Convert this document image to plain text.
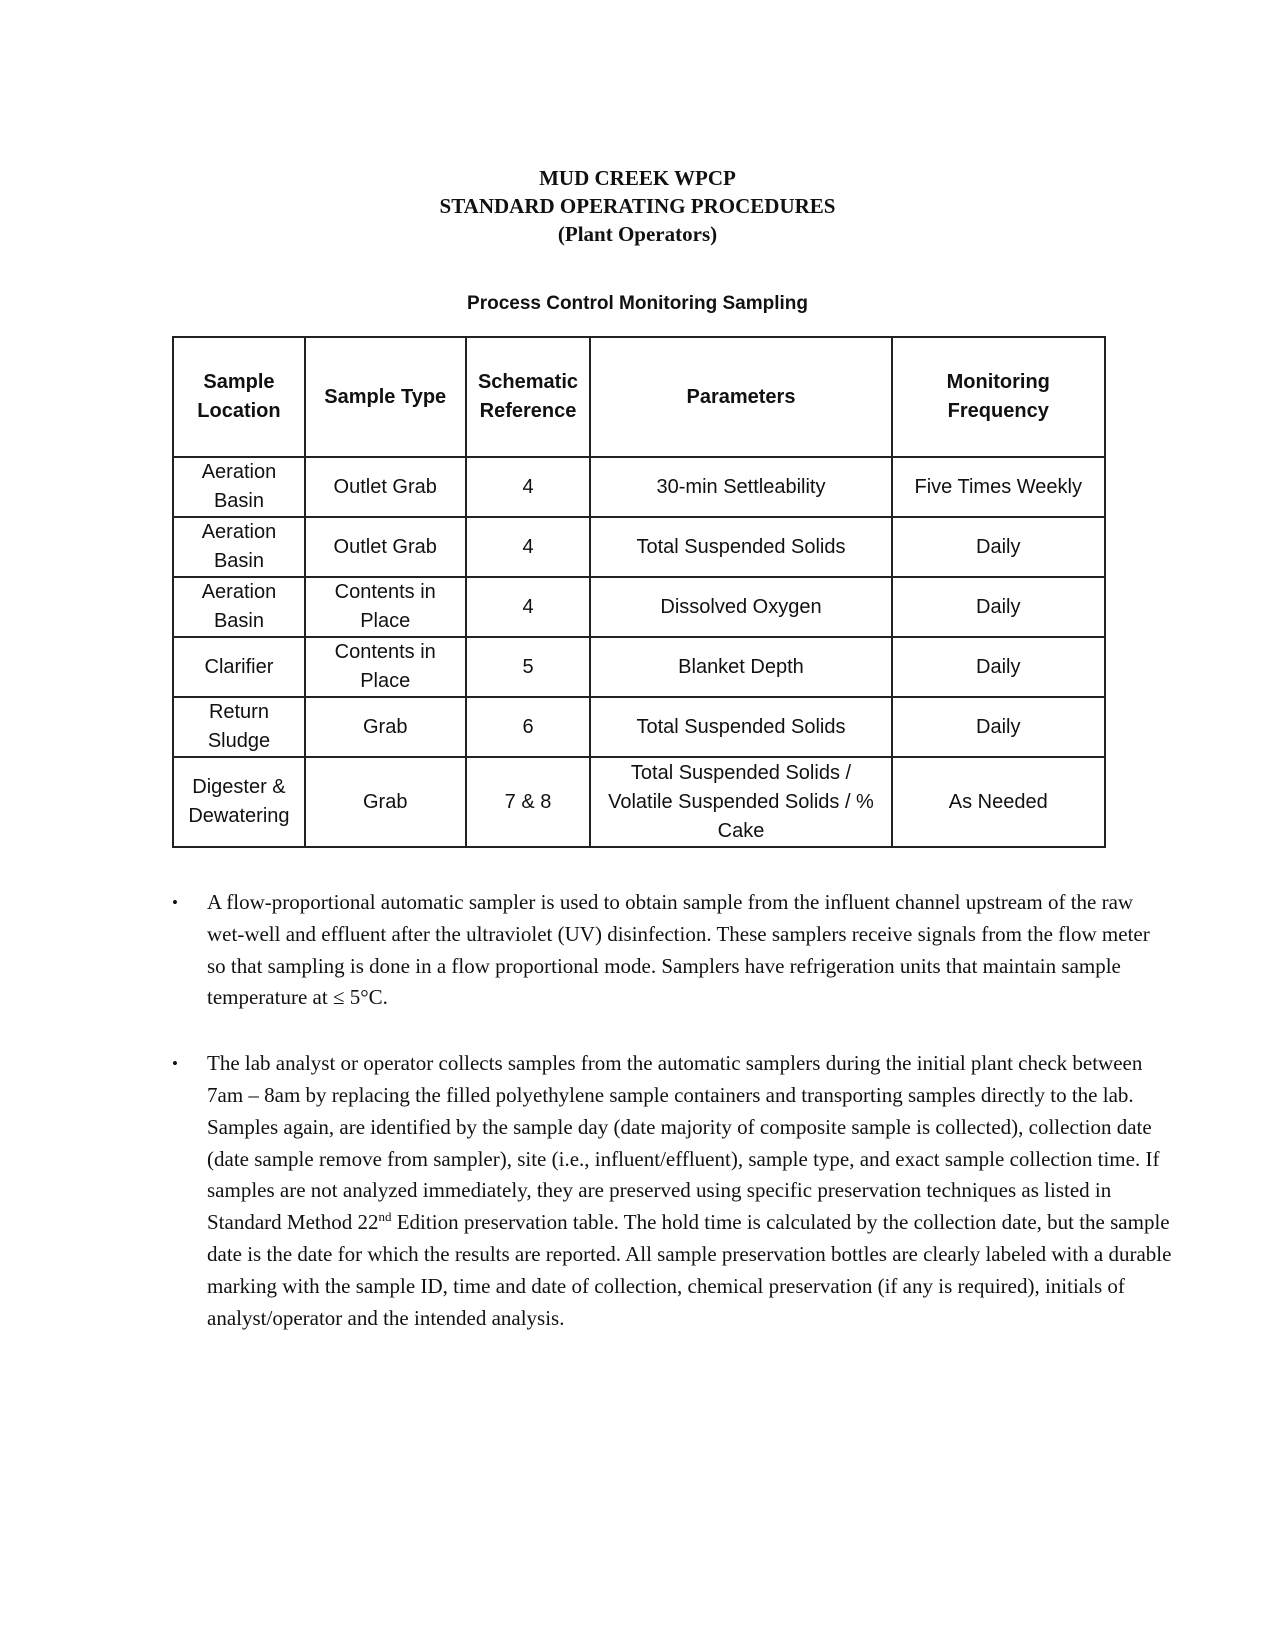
MUD CREEK WPCP
STANDARD OPERATING PROCEDURES
(Plant Operators)
Process Control Monitoring Sampling
Sample Location	Sample Type	Schematic Reference	Parameters	Monitoring Frequency
Aeration Basin	Outlet Grab	4	30-min Settleability	Five Times Weekly
Aeration Basin	Outlet Grab	4	Total Suspended Solids	Daily
Aeration Basin	Contents in Place	4	Dissolved Oxygen	Daily
Clarifier	Contents in Place	5	Blanket Depth	Daily
Return Sludge	Grab	6	Total Suspended Solids	Daily
Digester & Dewatering	Grab	7 & 8	Total Suspended Solids / Volatile Suspended Solids / % Cake	As Needed
• A flow-proportional automatic sampler is used to obtain sample from the influent channel upstream of the raw wet-well and effluent after the ultraviolet (UV) disinfection. These samplers receive signals from the flow meter so that sampling is done in a flow proportional mode. Samplers have refrigeration units that maintain sample temperature at ≤ 5°C.
• The lab analyst or operator collects samples from the automatic samplers during the initial plant check between 7am – 8am by replacing the filled polyethylene sample containers and transporting samples directly to the lab. Samples again, are identified by the sample day (date majority of composite sample is collected), collection date (date sample remove from sampler), site (i.e., influent/effluent), sample type, and exact sample collection time. If samples are not analyzed immediately, they are preserved using specific preservation techniques as listed in Standard Method 22nd Edition preservation table. The hold time is calculated by the collection date, but the sample date is the date for which the results are reported. All sample preservation bottles are clearly labeled with a durable marking with the sample ID, time and date of collection, chemical preservation (if any is required), initials of analyst/operator and the intended analysis.
